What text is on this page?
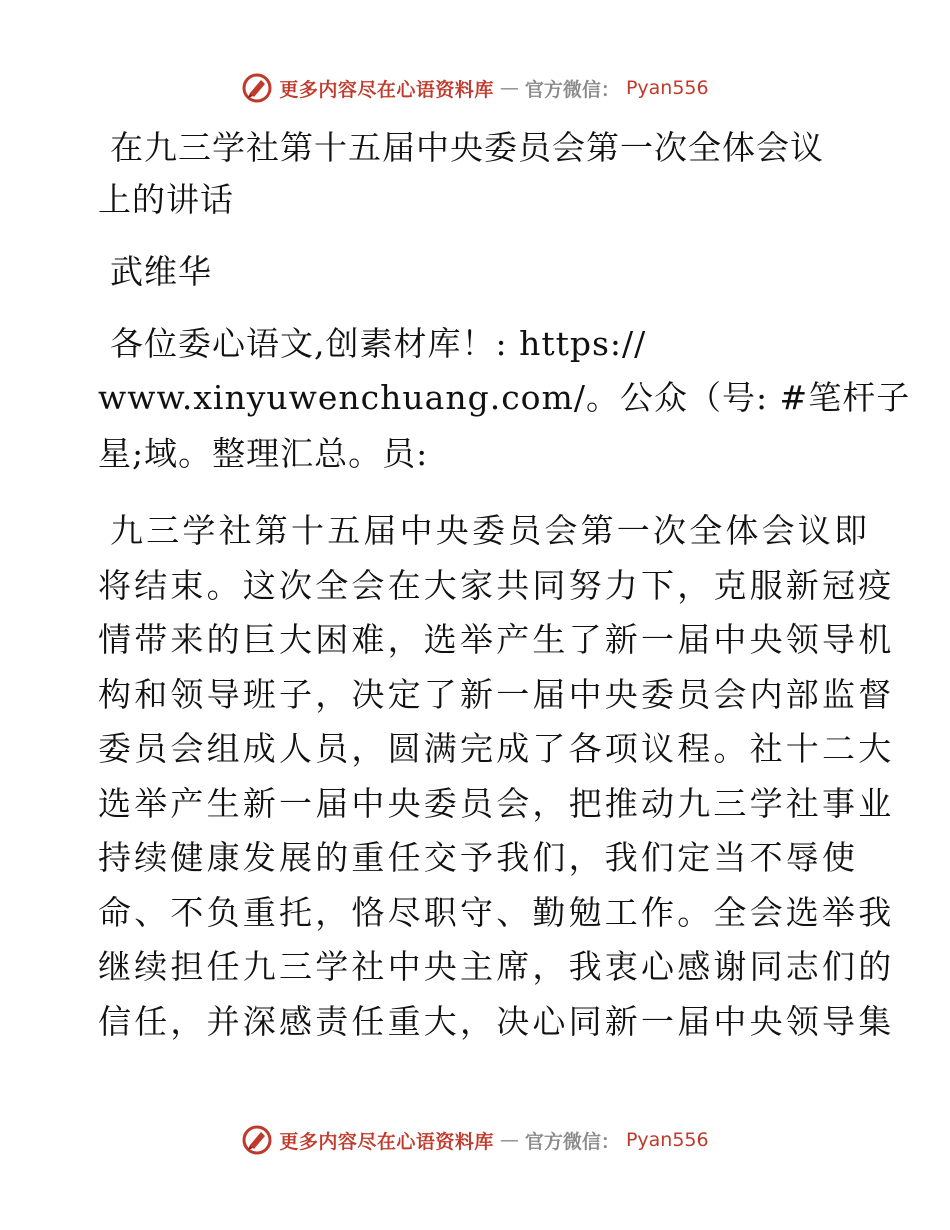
更多内容尽在心语资料库 — 官方微信： Pyan556
在九三学社第十五届中央委员会第一次全体会议
上的讲话
武维华
各位委心语文,创素材库！: https://
www.xinyuwenchuang.com/。公众（号: #笔杆子
星;域。整理汇总。员:
九三学社第十五届中央委员会第一次全体会议即
将结束。这次全会在大家共同努力下，克服新冠疫
情带来的巨大困难，选举产生了新一届中央领导机
构和领导班子，决定了新一届中央委员会内部监督
委员会组成人员，圆满完成了各项议程。社十二大
选举产生新一届中央委员会，把推动九三学社事业
持续健康发展的重任交予我们，我们定当不辱使
命、不负重托，恪尽职守、勤勉工作。全会选举我
继续担任九三学社中央主席，我衷心感谢同志们的
信任，并深感责任重大，决心同新一届中央领导集
更多内容尽在心语资料库 — 官方微信： Pyan556
